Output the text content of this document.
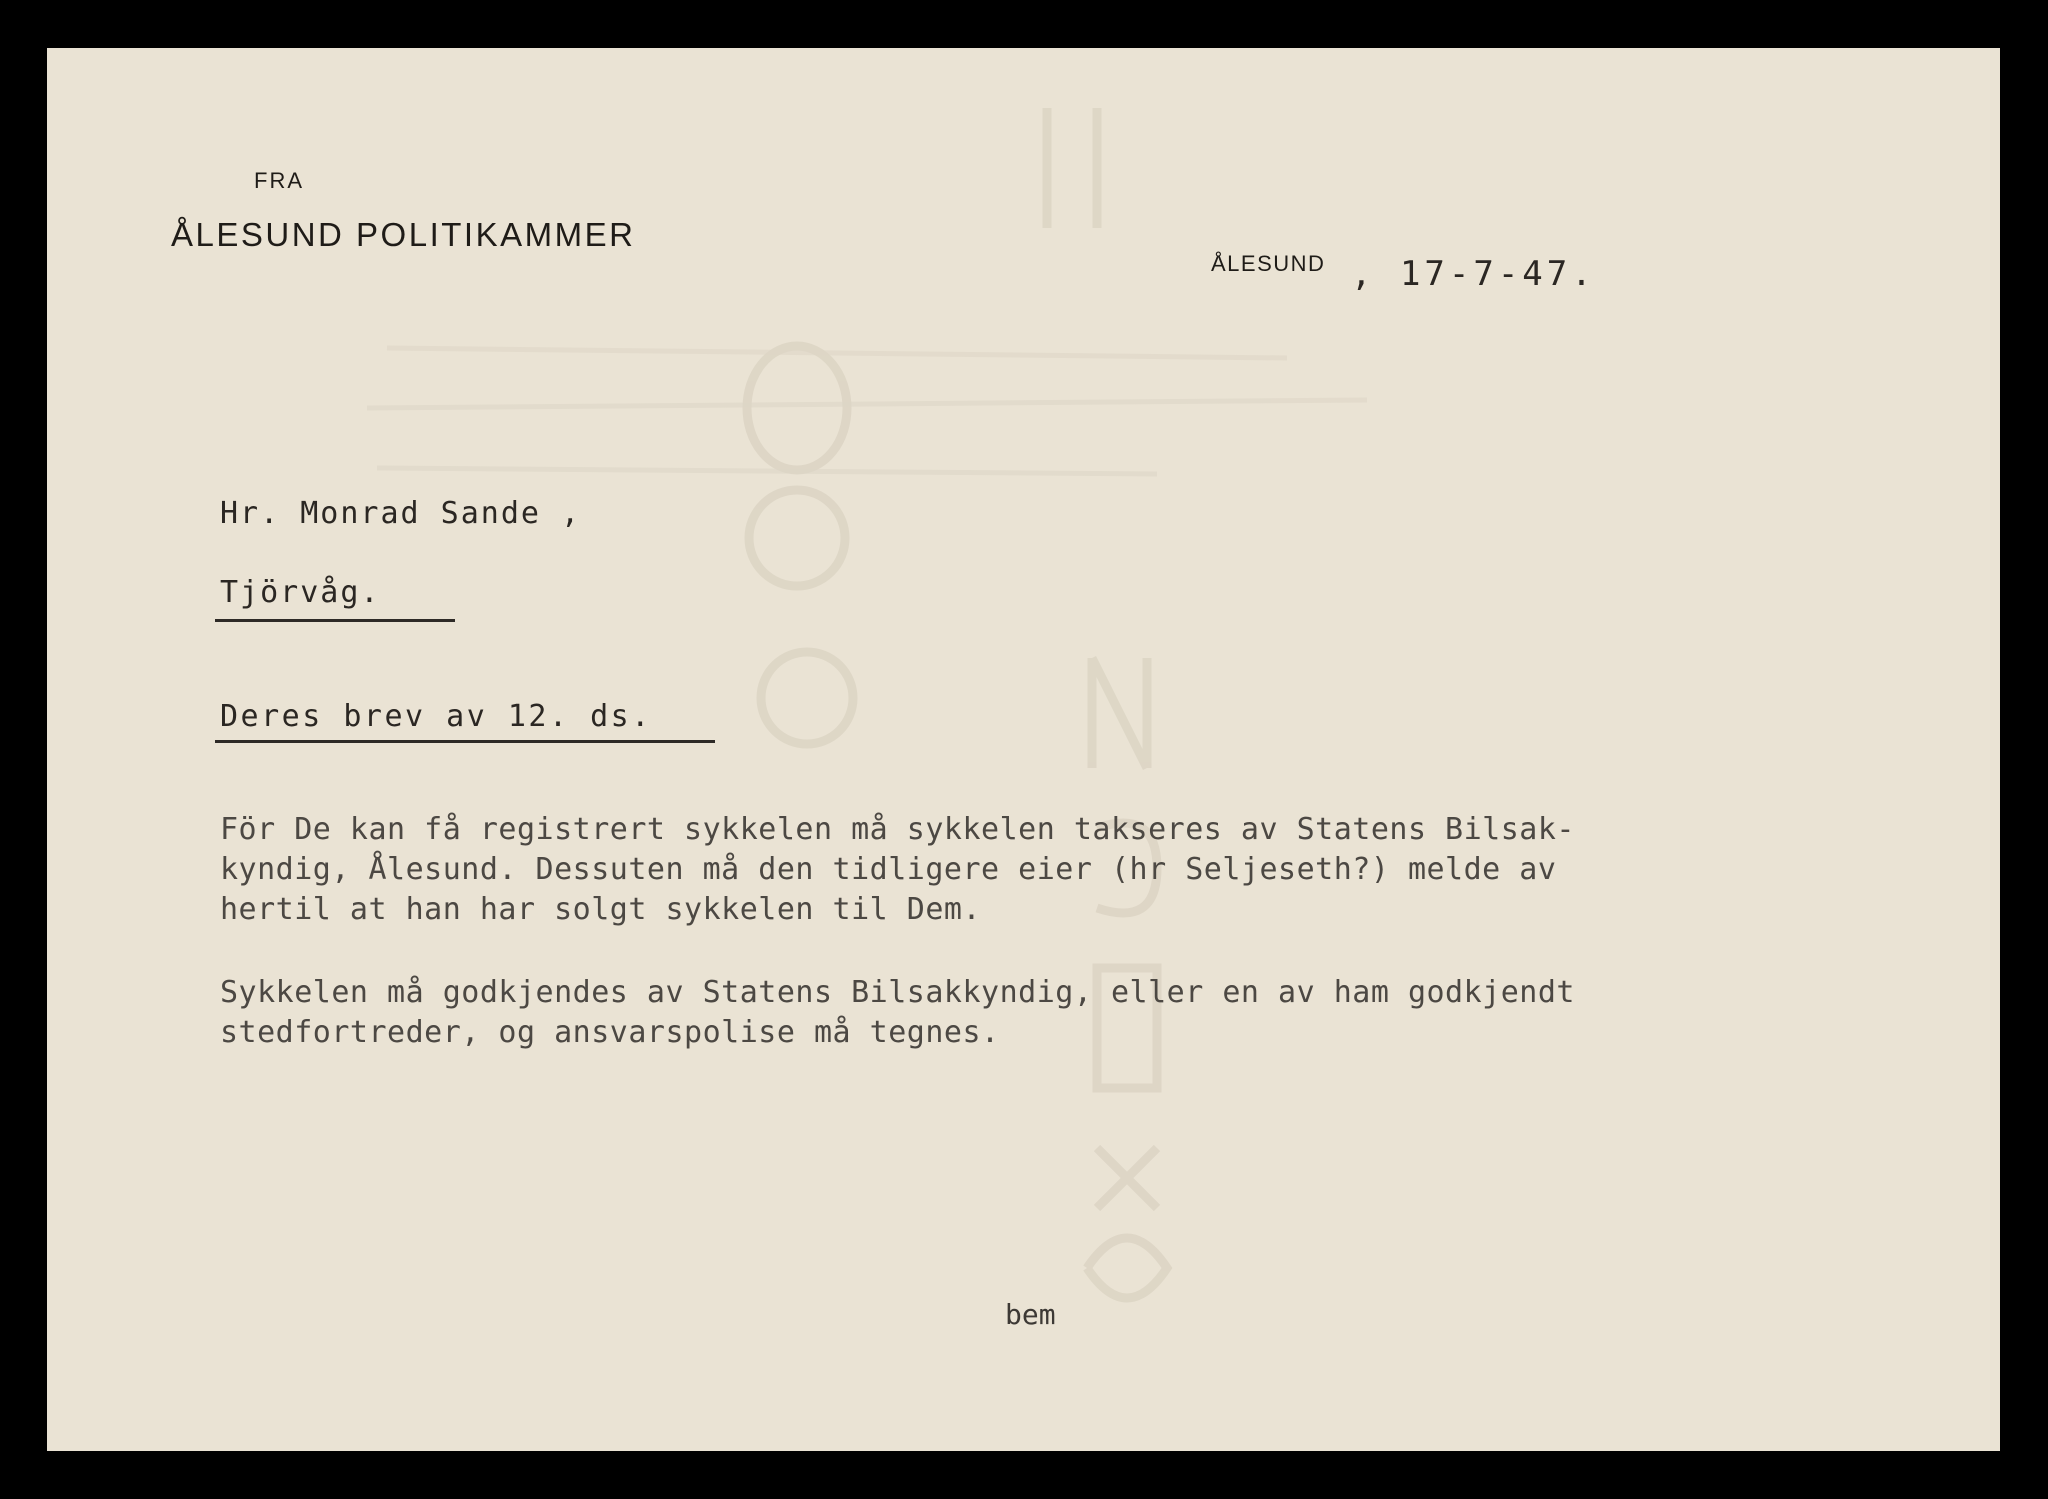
FRA
ÅLESUND POLITIKAMMER
ÅLESUND , 17-7-47.
Hr. Monrad Sande ,
Tjörvåg.
Deres brev av 12. ds.
För De kan få registrert sykkelen må sykkelen takseres av Statens Bilsak-
kyndig, Ålesund. Dessuten må den tidligere eier (hr Seljeseth?) melde av
hertil at han har solgt sykkelen til Dem.
Sykkelen må godkjendes av Statens Bilsakkyndig, eller en av ham godkjendt
stedfortreder, og ansvarspolise må tegnes.
bem
